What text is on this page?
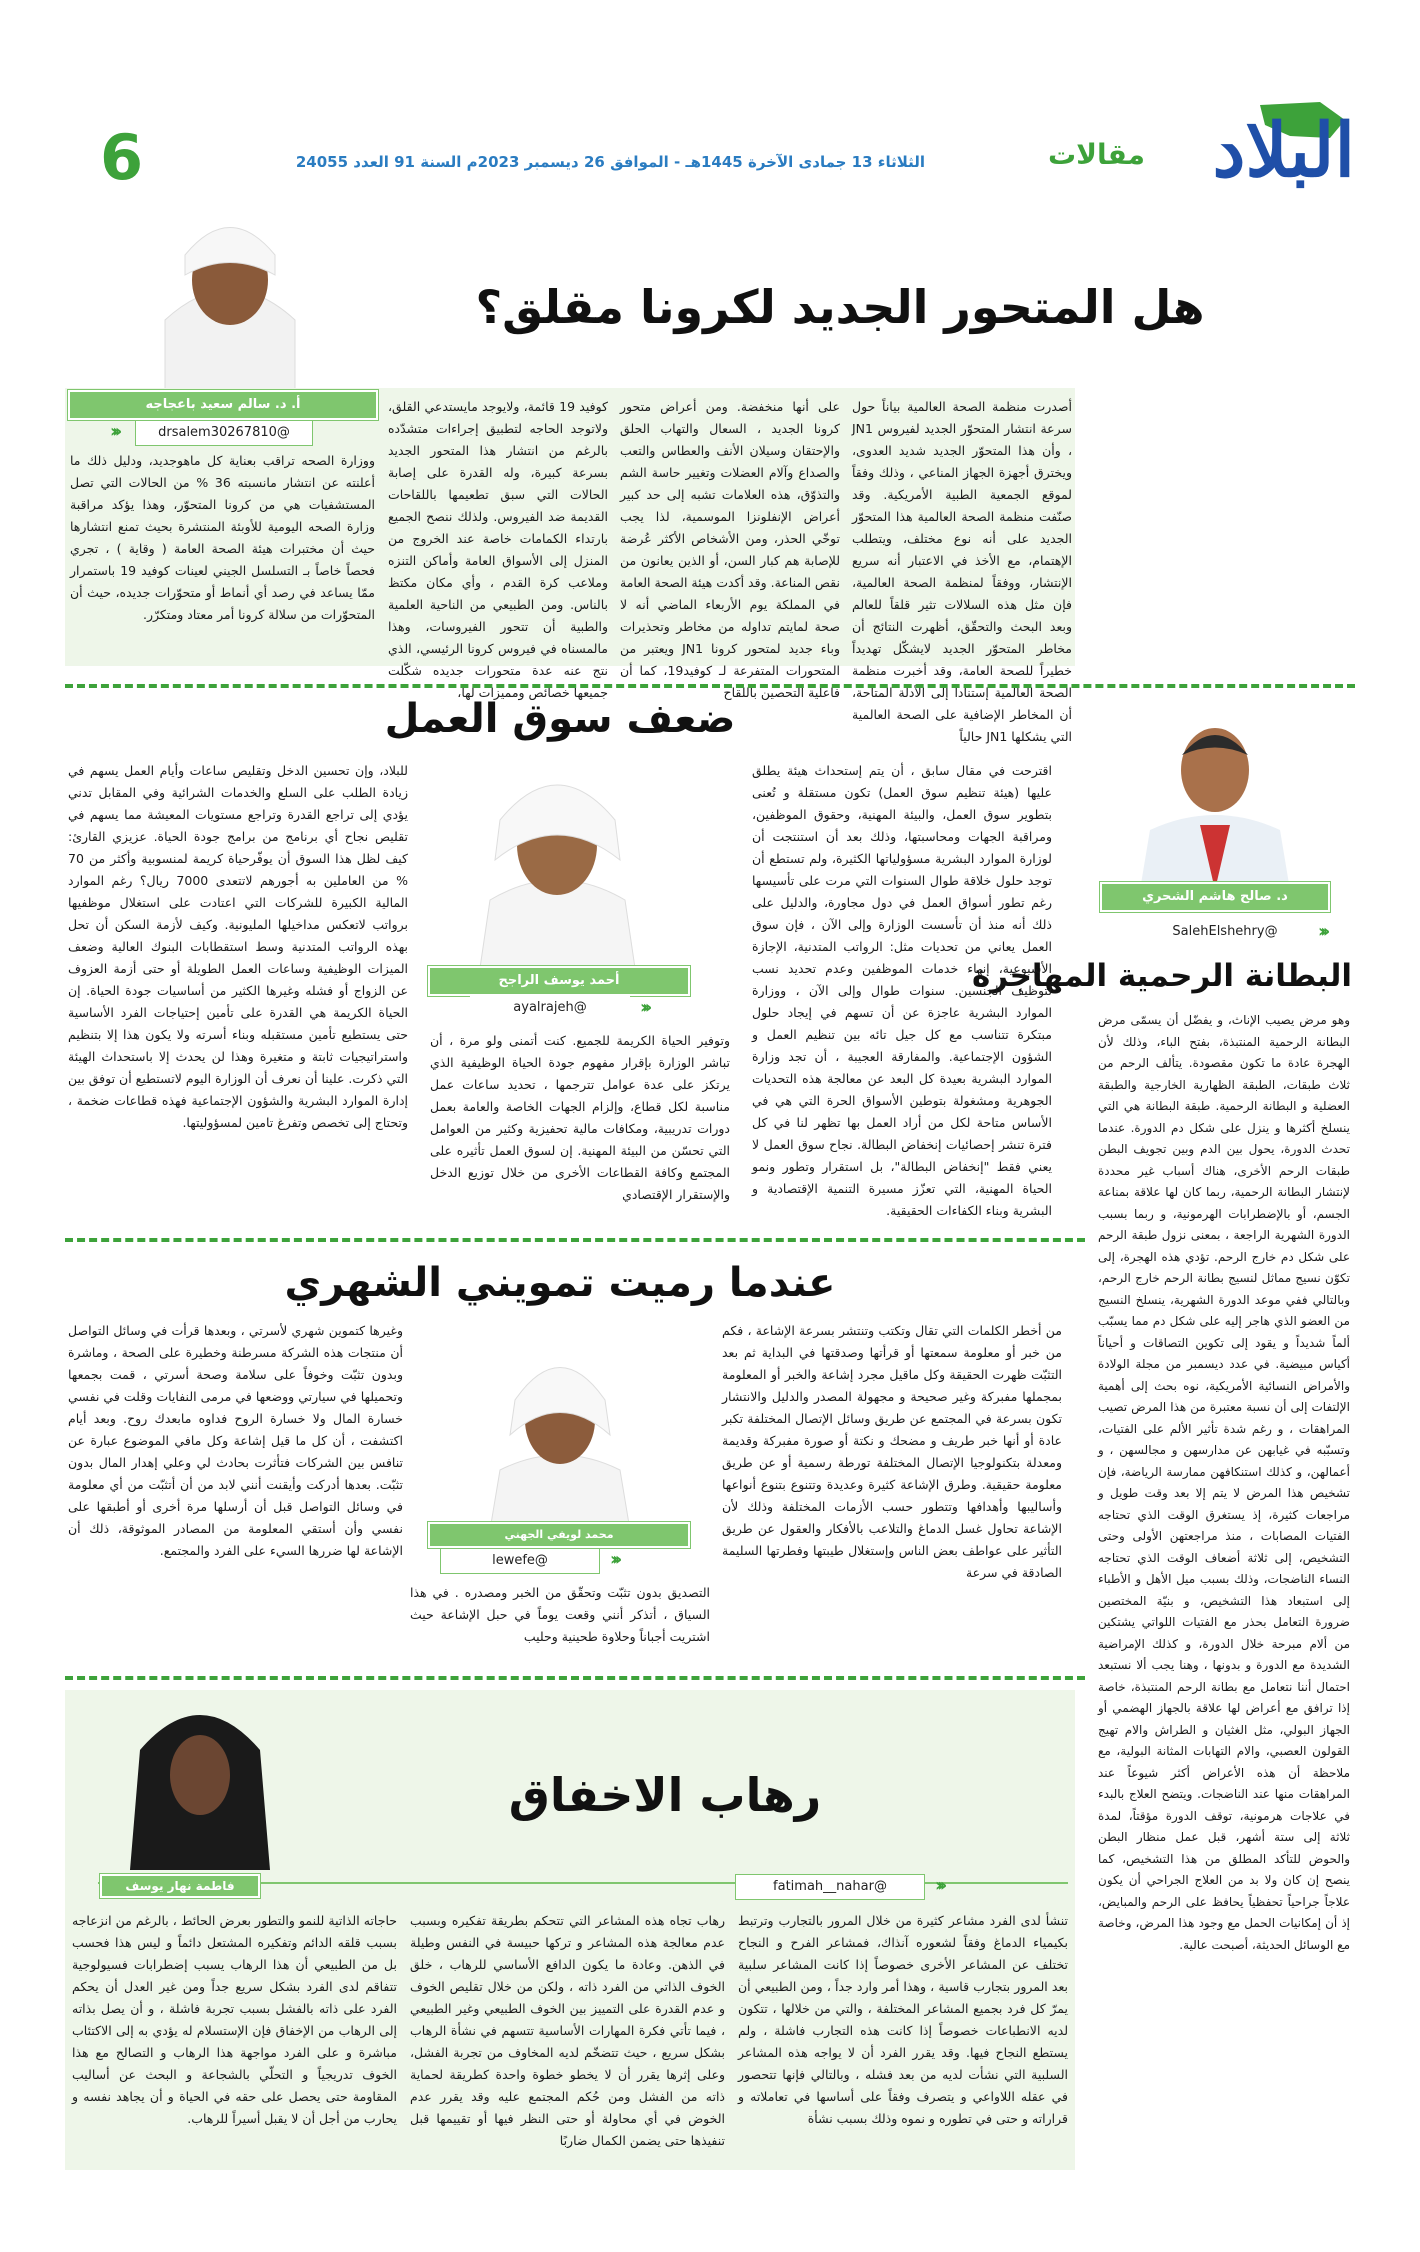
البلاد
مقالات
الثلاثاء 13 جمادى الآخرة 1445هـ - الموافق 26 ديسمبر 2023م السنة 91 العدد 24055
6
هل المتحور الجديد لكرونا مقلق؟
أصدرت منظمة الصحة العالمية بياناً حول سرعة انتشار المتحوّر الجديد لفيروس JN1 ، وأن هذا المتحوّر الجديد شديد العدوى، ويخترق أجهزة الجهاز المناعي ، وذلك وفقاً لموقع الجمعية الطبية الأمريكية. وقد صنّفت منظمة الصحة العالمية هذا المتحوّر الجديد على أنه نوع مختلف، ويتطلب الإهتمام، مع الأخذ في الاعتبار أنه سريع الإنتشار، ووفقاً لمنظمة الصحة العالمية، فإن مثل هذه السلالات تثير قلقاً للعالم وبعد البحث والتحقّق، أظهرت النتائج أن مخاطر المتحوّر الجديد لايشكّل تهديداً خطيراً للصحة العامة، وقد أخبرت منظمة الصحة العالمية إستناداً إلى الأدلة المتاحة، أن المخاطر الإضافية على الصحة العالمية التي يشكلها JN1 حالياً
على أنها منخفضة. ومن أعراض متحور كرونا الجديد ، السعال والتهاب الحلق والإحتقان وسيلان الأنف والعطاس والتعب والصداع وآلام العضلات وتغيير حاسة الشم والتذوّق، هذه العلامات تشبه إلى حد كبير أعراض الإنفلونزا الموسمية، لذا يجب توخّي الحذر، ومن الأشخاص الأكثر عُرضة للإصابة هم كبار السن، أو الذين يعانون من نقص المناعة. وقد أكدت هيئة الصحة العامة في المملكة يوم الأربعاء الماضي أنه لا صحة لمايتم تداوله من مخاطر وتحذيرات وباء جديد لمتحور كرونا JN1 ويعتبر من المتحورات المتفرعة لـ كوفيد19، كما أن فاعلية التحصين باللقاح
كوفيد 19 قائمة، ولايوجد مايستدعي القلق، ولاتوجد الحاجه لتطبيق إجراءات متشدّده بالرغم من انتشار هذا المتحور الجديد بسرعة كبيرة، وله القدرة على إصابة الحالات التي سبق تطعيمها باللقاحات القديمة ضد الفيروس. ولذلك ننصح الجميع بارتداء الكمامات خاصة عند الخروج من المنزل إلى الأسواق العامة وأماكن التنزه وملاعب كرة القدم ، وأي مكان مكتظ بالناس. ومن الطبيعي من الناحية العلمية والطبية أن تتحور الفيروسات، وهذا مالمسناه في فيروس كرونا الرئيسي، الذي نتج عنه عدة متحورات جديده شكّلت جميعها خصائص ومميزات لها،
أ. د. سالم سعيد باعجاجه
@drsalem30267810
‹‹‹
ووزارة الصحه تراقب بعناية كل ماهوجديد، ودليل ذلك ما أعلنته عن انتشار مانسبته 36 % من الحالات التي تصل المستشفيات هي من كرونا المتحوّر، وهذا يؤكد مراقبة وزارة الصحه اليومية للأوبئة المنتشرة بحيث تمنع انتشارها حيث أن مختبرات هيئة الصحة العامة ( وقاية ) ، تجري فحصاً خاصاً بـ التسلسل الجيني لعينات كوفيد 19 باستمرار ممّا يساعد في رصد أي أنماط أو متحوّرات جديده، حيث أن المتحوّرات من سلالة كرونا أمر معتاد ومتكرّر.
د. صالح هاشم الشحري
@SalehElshehry	‹‹‹
البطانة الرحمية المهاجرة
وهو مرض يصيب الإناث، و يفضّل أن يسمّى مرض البطانة الرحمية المنتبذة، بفتح الباء، وذلك لأن الهجرة عادة ما تكون مقصودة. يتألف الرحم من ثلاث طبقات، الطبقة الظهارية الخارجية والطبقة العضلية و البطانة الرحمية. طبقة البطانة هي التي ينسلخ أكثرها و ينزل على شكل دم الدورة. عندما تحدث الدورة، يحول بين الدم وبين تجويف البطن طبقات الرحم الأخرى، هناك أسباب غير محددة لإنتشار البطانة الرحمية، ربما كان لها علاقة بمناعة الجسم، أو بالإضطرابات الهرمونية، و ربما بسبب الدورة الشهرية الراجعة ، بمعنى نزول طبقة الرحم على شكل دم خارج الرحم. تؤدي هذه الهجرة، إلى تكوّن نسيج مماثل لنسيج بطانة الرحم خارج الرحم، وبالتالي ففي موعد الدورة الشهرية، ينسلخ النسيج من العضو الذي هاجر إليه على شكل دم مما يسبّب ألماً شديداً و يقود إلى تكوين التصاقات و أحياناً أكياس مبيضية. في عدد ديسمبر من مجلة الولادة والأمراض النسائية الأمريكية، نوه بحث إلى أهمية الإلتفات إلى أن نسبة معتبرة من هذا المرض تصيب المراهقات ، و رغم شدة تأثير الألم على الفتيات، وتسبّبه في غيابهن عن مدارسهن و مجالسهن ، و أعمالهن، و كذلك استنكافهن ممارسة الرياضة، فإن تشخيص هذا المرض لا يتم إلا بعد وقت طويل و مراجعات كثيرة، إذ يستغرق الوقت الذي تحتاجه الفتيات المصابات ، منذ مراجعتهن الأولى وحتى التشخيص، إلى ثلاثة أضعاف الوقت الذي تحتاجه النساء الناضجات، وذلك بسبب ميل الأهل و الأطباء إلى استبعاد هذا التشخيص، و بنيّة المختصين ضرورة التعامل بحذر مع الفتيات اللواتي يشتكين من ألام مبرحة خلال الدورة، و كذلك الإمراضية الشديدة مع الدورة و بدونها ، وهنا يجب ألا نستبعد احتمال أننا نتعامل مع بطانة الرحم المنتبذة، خاصة إذا ترافق مع أعراض لها علاقة بالجهاز الهضمي أو الجهاز البولي، مثل الغثيان و الطراش والام تهيج القولون العصبي، والام التهابات المثانة البولية، مع ملاحظة أن هذه الأعراض أكثر شيوعاً عند المراهقات منها عند الناضجات. ويتضح العلاج بالبدء في علاجات هرمونية، توقف الدورة مؤقتاً، لمدة ثلاثة إلى ستة أشهر، قبل عمل منظار البطن والحوض للتأكد المطلق من هذا التشخيص، كما ينصح إن كان ولا بد من العلاج الجراحي أن يكون علاجاً جراحياً تحفظياً يحافظ على الرحم والمبايض، إذ أن إمكانيات الحمل مع وجود هذا المرض، وخاصة مع الوسائل الحديثة، أصبحت عالية.
ضعف سوق العمل
اقترحت في مقال سابق ، أن يتم إستحداث هيئة يطلق عليها (هيئة تنظيم سوق العمل) تكون مستقلة و تُعنى بتطوير سوق العمل، والبيئة المهنية، وحقوق الموظفين، ومراقبة الجهات ومحاسبتها، وذلك بعد أن استنتجت أن لوزارة الموارد البشرية مسؤولياتها الكثيرة، ولم تستطع أن توجد حلول خلاقة طوال السنوات التي مرت على تأسيسها رغم تطور أسواق العمل في دول مجاورة، والدليل على ذلك أنه منذ أن تأسست الوزارة وإلى الآن ، فإن سوق العمل يعاني من تحديات مثل: الرواتب المتدنية، الإجازة الأسبوعية، إنهاء خدمات الموظفين وعدم تحديد نسب لتوظيف الجنسين. سنوات طوال وإلى الآن ، ووزارة الموارد البشرية عاجزة عن أن تسهم في إيجاد حلول مبتكرة تتناسب مع كل جيل تائه بين تنظيم العمل و الشؤون الإجتماعية. والمفارقة العجيبة ، أن تجد وزارة الموارد البشرية بعيدة كل البعد عن معالجة هذه التحديات الجوهرية ومشغولة بتوطين الأسواق الحرة التي هي في الأساس متاحة لكل من أراد العمل بها تظهر لنا في كل فترة تنشر إحصائيات إنخفاض البطالة. نجاح سوق العمل لا يعني فقط "إنخفاض البطالة"، بل استقرار وتطور ونمو الحياة المهنية، التي تعزّز مسيرة التنمية الإقتصادية و البشرية وبناء الكفاءات الحقيقية.
أحمد يوسف الراجح
@ayalrajeh	‹‹‹
وتوفير الحياة الكريمة للجميع. كنت أتمنى ولو مرة ، أن تباشر الوزارة بإقرار مفهوم جودة الحياة الوظيفية الذي يرتكز على عدة عوامل تترجمها ، تحديد ساعات عمل مناسبة لكل قطاع، وإلزام الجهات الخاصة والعامة بعمل دورات تدريبية، ومكافات مالية تحفيزية وكثير من العوامل التي تحسّن من البيئة المهنية. إن لسوق العمل تأثيره على المجتمع وكافة القطاعات الأخرى من خلال توزيع الدخل والإستقرار الإقتصادي
للبلاد، وإن تحسين الدخل وتقليص ساعات وأيام العمل يسهم في زيادة الطلب على السلع والخدمات الشرائية وفي المقابل تدني يؤدي إلى تراجع القدرة وتراجع مستويات المعيشة مما يسهم في تقليص نجاح أي برنامج من برامج جودة الحياة. عزيزي القارئ: كيف لظل هذا السوق أن يوفّرحياة كريمة لمنسوبية وأكثر من 70 % من العاملين به أجورهم لاتتعدى 7000 ريال؟ رغم الموارد المالية الكبيرة للشركات التي اعتادت على استغلال موظفيها برواتب لاتعكس مداخيلها المليونية. وكيف لأزمة السكن أن تحل بهذه الرواتب المتدنية وسط استقطابات البنوك العالية وضعف الميزات الوظيفية وساعات العمل الطويلة أو حتى أزمة العزوف عن الزواج أو فشله وغيرها الكثير من أساسيات جودة الحياة. إن الحياة الكريمة هي القدرة على تأمين إحتياجات الفرد الأساسية حتى يستطيع تأمين مستقبله وبناء أسرته ولا يكون هذا إلا بتنظيم واستراتيجيات ثابتة و متغيرة وهذا لن يحدث إلا باستحداث الهيئة التي ذكرت. علينا أن نعرف أن الوزارة اليوم لاتستطيع أن توفق بين إدارة الموارد البشرية والشؤون الإجتماعية فهذه قطاعات ضخمة ، وتحتاج إلى تخصص وتفرغ تامين لمسؤوليتها.
عندما رميت تمويني الشهري
من أخطر الكلمات التي تقال وتكتب وتنتشر بسرعة الإشاعة ، فكم من خبر أو معلومة سمعتها أو قرأتها وصدقتها في البداية ثم بعد التثبّت ظهرت الحقيقة وكل ماقيل مجرد إشاعة والخبر أو المعلومة بمجملها مفبركة وغير صحيحة و مجهولة المصدر والدليل والانتشار تكون بسرعة في المجتمع عن طريق وسائل الإتصال المختلفة تكبر عادة أو أنها خبر طريف و مضحك و نكتة أو صورة مفبركة وقديمة ومعدلة بتكنولوجيا الإتصال المختلفة تورطة رسمية أو عن طريق معلومة حقيقية. وطرق الإشاعة كثيرة وعديدة وتتنوع بتنوع أنواعها وأساليبها وأهدافها وتتطور حسب الأزمات المختلفة وذلك لأن الإشاعة تحاول غسل الدماغ والتلاعب بالأفكار والعقول عن طريق التأثير على عواطف بعض الناس وإستغلال طيبتها وفطرتها السليمة الصادقة في سرعة
محمد لويفي الجهني
@lewefe	‹‹‹
التصديق بدون تثبّت وتحقّق من الخبر ومصدره . في هذا السياق ، أتذكر أنني وقعت يوماً في حبل الإشاعة حيث اشتريت أجباناً وحلاوة طحينية وحليب
وغيرها كتموين شهري لأسرتي ، وبعدها قرأت في وسائل التواصل أن منتجات هذه الشركة مسرطنة وخطيرة على الصحة ، وماشرة وبدون تثبّت وخوفاً على سلامة وصحة أسرتي ، قمت بجمعها وتحميلها في سيارتي ووضعها في مرمى النفايات وقلت في نفسي خسارة المال ولا خسارة الروح فداوه مابعدك روح. وبعد أيام اكتشفت ، أن كل ما قيل إشاعة وكل مافي الموضوع عبارة عن تنافس بين الشركات فتأثرت بحادث لي وعلي إهدار المال بدون تثبّت. بعدها أدركت وأيقنت أنني لابد من أن أتثبّت من أي معلومة في وسائل التواصل قبل أن أرسلها مرة أخرى أو أطبقها على نفسي وأن أستقي المعلومة من المصادر الموثوقة، ذلك أن الإشاعة لها ضررها السيء على الفرد والمجتمع.
رهاب الاخفاق
فاطمة نهار يوسف	@fatimah__nahar	‹‹‹
تنشأ لدى الفرد مشاعر كثيرة من خلال المرور بالتجارب وترتبط بكيمياء الدماغ وفقاً لشعوره آنذاك، فمشاعر الفرح و النجاح تختلف عن المشاعر الأخرى خصوصاً إذا كانت المشاعر سلبية بعد المرور بتجارب قاسية ، وهذا أمر وارد جداً ، ومن الطبيعي أن يمرّ كل فرد بجميع المشاعر المختلفة ، والتي من خلالها ، تتكون لديه الانطباعات خصوصاً إذا كانت هذه التجارب فاشلة ، ولم يستطع النجاح فيها. وقد يقرر الفرد أن لا يواجه هذه المشاعر السلبية التي نشأت لديه من بعد فشله ، وبالتالي فإنها تتحصور في عقله اللاواعي و يتصرف وفقاً على أساسها في تعاملاته و قراراته و حتى في تطوره و نموه وذلك بسبب نشأة
رهاب تجاه هذه المشاعر التي تتحكم بطريقة تفكيره وبسبب عدم معالجة هذه المشاعر و تركها حبيسة في النفس وطيلة في الذهن. وعادة ما يكون الدافع الأساسي للرهاب ، خلق الخوف الذاتي من الفرد ذاته ، ولكن من خلال تقليص الخوف و عدم القدرة على التمييز بين الخوف الطبيعي وغير الطبيعي ، فيما تأتي فكرة المهارات الأساسية تتسهم في نشأة الرهاب بشكل سريع ، حيث تتضخّم لديه المخاوف من تجربة الفشل، وعلى إثرها يقرر أن لا يخطو خطوة واحدة كطريقة لحماية ذاته من الفشل ومن حُكم المجتمع عليه وقد يقرر عدم الخوض في أي محاولة أو حتى النظر فيها أو تقييمها قبل تنفيذها حتى يضمن الكمال ضاربًا
حاجاته الذاتية للنمو والتطور بعرض الحائط ، بالرغم من انزعاجه بسبب قلقه الدائم وتفكيره المشتعل دائماً و ليس هذا فحسب بل من الطبيعي أن هذا الرهاب يسبب إضطرابات فسيولوجية تتفاقم لدى الفرد بشكل سريع جداً ومن غير العدل أن يحكم الفرد على ذاته بالفشل بسبب تجربة فاشلة ، و أن يصل بذاته إلى الرهاب من الإخفاق فإن الإستسلام له يؤدي به إلى الاكتئاب مباشرة و على الفرد مواجهة هذا الرهاب و التصالح مع هذا الخوف تدريجياً و التحلّي بالشجاعة و البحث عن أساليب المقاومة حتى يحصل على حقه في الحياة و أن يجاهد نفسه و يحارب من أجل أن لا يقبل أسيراً للرهاب.
